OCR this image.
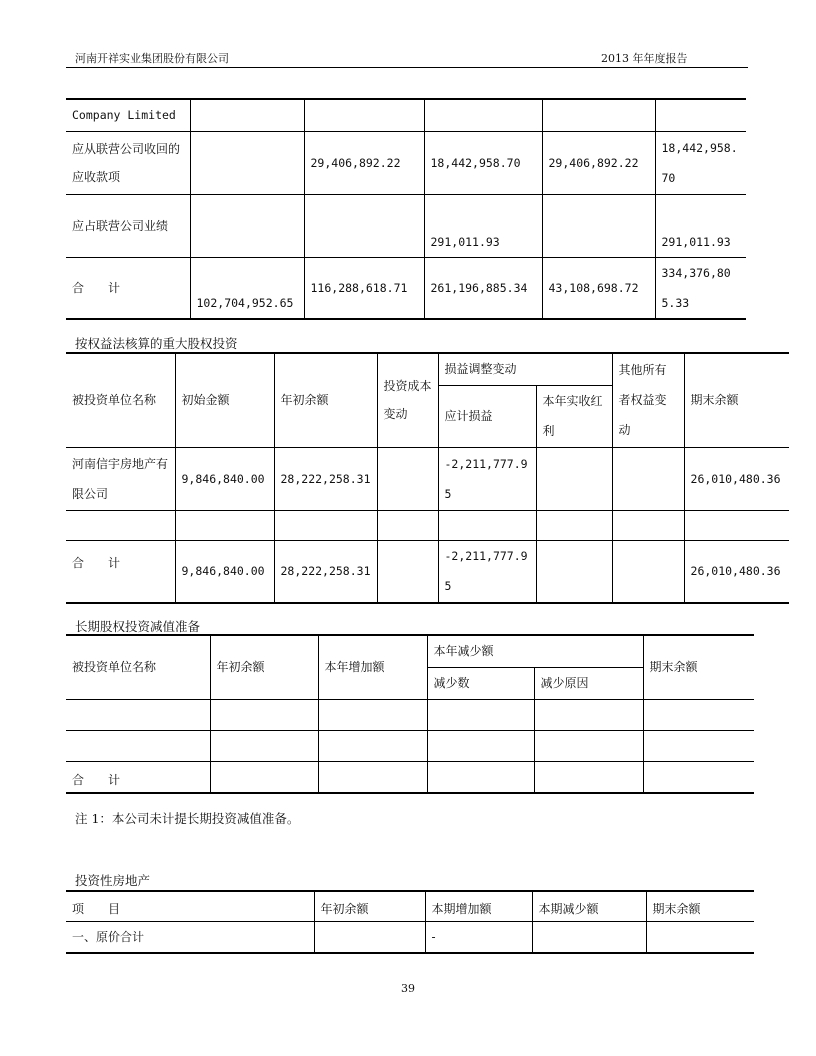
河南开祥实业集团股份有限公司	2013 年年度报告
Company Limited					
应从联营公司收回的应收款项		29,406,892.22	18,442,958.70	29,406,892.22	18,442,958.70
应占联营公司业绩			291,011.93		291,011.93
合　　计	102,704,952.65	116,288,618.71	261,196,885.34	43,108,698.72	334,376,805.33
按权益法核算的重大股权投资
被投资单位名称	初始金额	年初余额	投资成本变动	损益调整变动		其他所有者权益变动	期末余额
				应计损益	本年实收红利		
河南信宇房地产有限公司	9,846,840.00	28,222,258.31		-2,211,777.95			26,010,480.36

合　　计	9,846,840.00	28,222,258.31		-2,211,777.95			26,010,480.36
长期股权投资减值准备
被投资单位名称	年初余额	本年增加额	本年减少额		期末余额
			减少数	减少原因	

合　　计					
注 1：本公司未计提长期投资减值准备。
投资性房地产
项　　目	年初余额	本期增加额	本期减少额	期末余额
一、原价合计		-		
39
